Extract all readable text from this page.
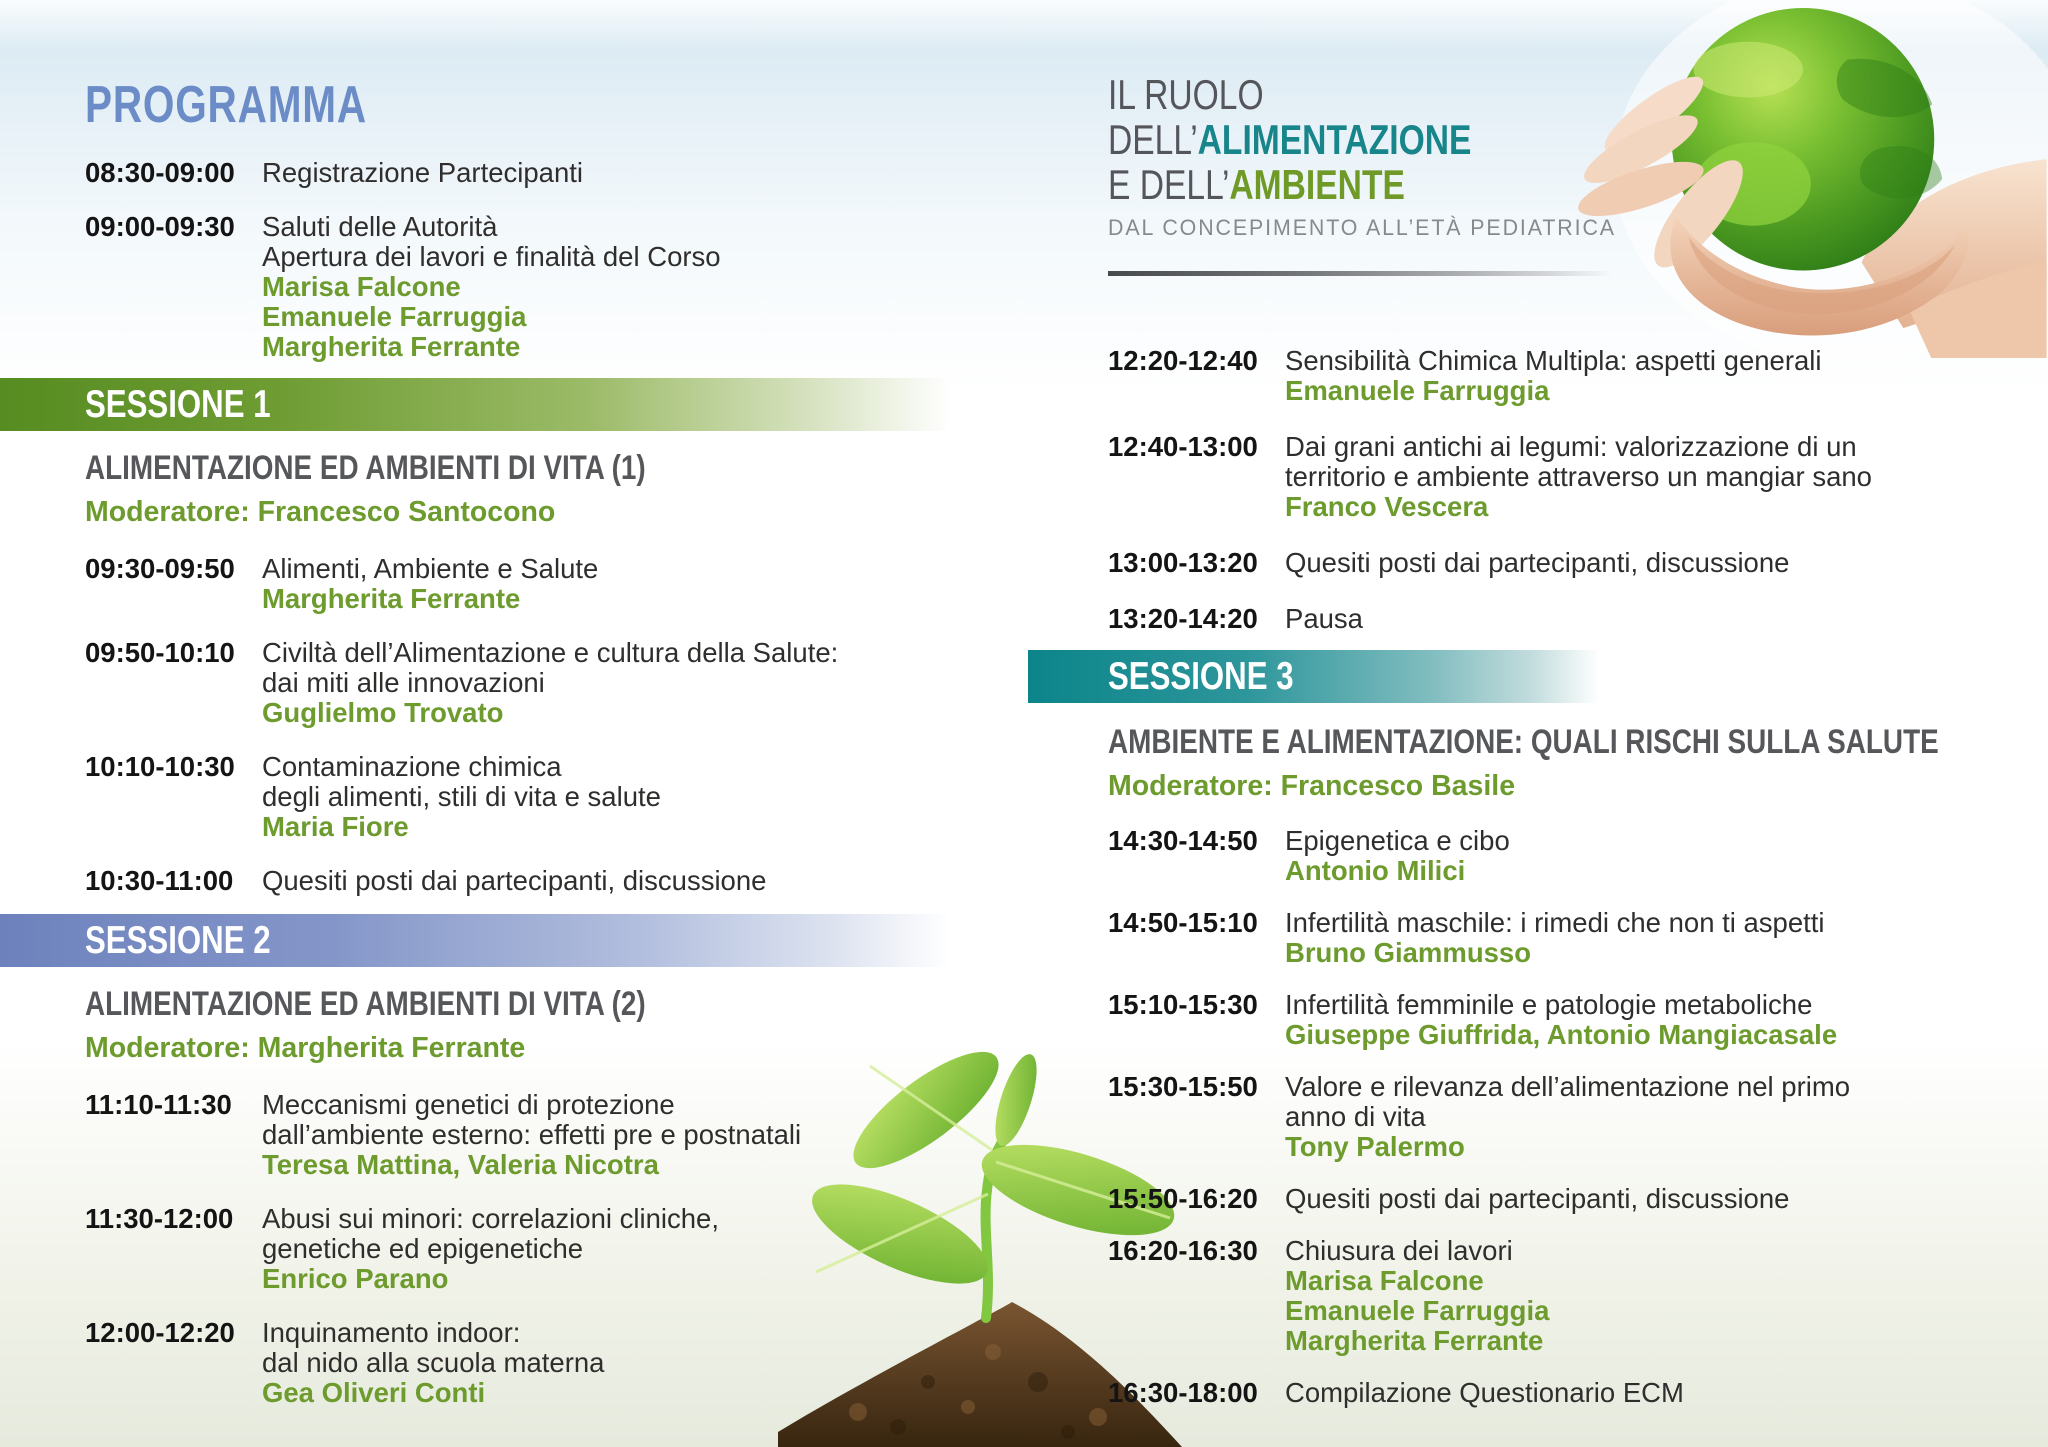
PROGRAMMA
08:30-09:00 Registrazione Partecipanti
09:00-09:30 Saluti delle Autorità
Apertura dei lavori e finalità del Corso
Marisa Falcone
Emanuele Farruggia
Margherita Ferrante
SESSIONE 1
ALIMENTAZIONE ED AMBIENTI DI VITA (1)
Moderatore: Francesco Santocono
09:30-09:50 Alimenti, Ambiente e Salute
Margherita Ferrante
09:50-10:10 Civiltà dell’Alimentazione e cultura della Salute:
dai miti alle innovazioni
Guglielmo Trovato
10:10-10:30 Contaminazione chimica
degli alimenti, stili di vita e salute
Maria Fiore
10:30-11:00	Quesiti posti dai partecipanti, discussione
SESSIONE 2
ALIMENTAZIONE ED AMBIENTI DI VITA (2)
Moderatore: Margherita Ferrante
11:10-11:30	Meccanismi genetici di protezione
dall’ambiente esterno: effetti pre e postnatali
Teresa Mattina, Valeria Nicotra
11:30-12:00	Abusi sui minori: correlazioni cliniche,
genetiche ed epigenetiche
Enrico Parano
12:00-12:20 Inquinamento indoor:
dal nido alla scuola materna
Gea Oliveri Conti
IL RUOLO
DELL’ALIMENTAZIONE
E DELL’AMBIENTE
DAL CONCEPIMENTO ALL’ETÀ PEDIATRICA
12:20-12:40 Sensibilità Chimica Multipla: aspetti generali
Emanuele Farruggia
12:40-13:00 Dai grani antichi ai legumi: valorizzazione di un
territorio e ambiente attraverso un mangiar sano
Franco Vescera
13:00-13:20 Quesiti posti dai partecipanti, discussione
13:20-14:20 Pausa
SESSIONE 3
AMBIENTE E ALIMENTAZIONE: QUALI RISCHI SULLA SALUTE
Moderatore: Francesco Basile
14:30-14:50 Epigenetica e cibo
Antonio Milici
14:50-15:10 Infertilità maschile: i rimedi che non ti aspetti
Bruno Giammusso
15:10-15:30 Infertilità femminile e patologie metaboliche
Giuseppe Giuffrida, Antonio Mangiacasale
15:30-15:50 Valore e rilevanza dell’alimentazione nel primo
anno di vita
Tony Palermo
15:50-16:20 Quesiti posti dai partecipanti, discussione
16:20-16:30 Chiusura dei lavori
Marisa Falcone
Emanuele Farruggia
Margherita Ferrante
16:30-18:00 Compilazione Questionario ECM
